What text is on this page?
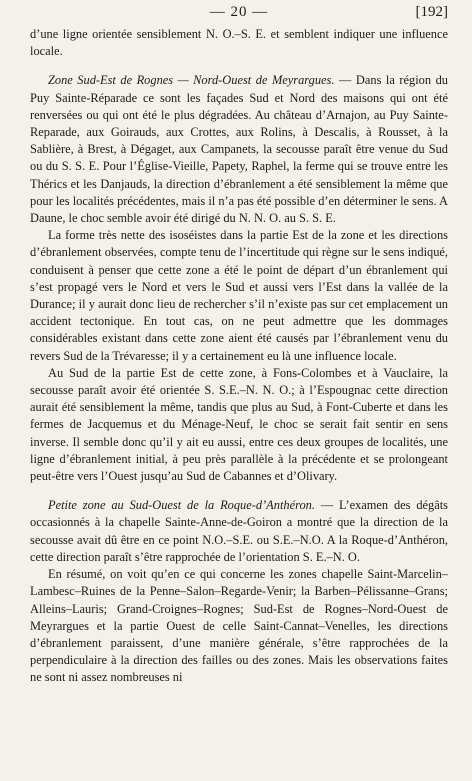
— 20 —	[192]

d’une ligne orientée sensiblement N. O.–S. E. et semblent indiquer une influence locale.

Zone Sud-Est de Rognes — Nord-Ouest de Meyrargues. — Dans la région du Puy Sainte-Réparade ce sont les façades Sud et Nord des maisons qui ont été renversées ou qui ont été le plus dégradées. Au château d’Arnajon, au Puy Sainte-Reparade, aux Goirauds, aux Crottes, aux Rolins, à Descalis, à Rousset, à la Sablière, à Brest, à Dégaget, aux Campanets, la secousse paraît être venue du Sud ou du S. S. E. Pour l’Église-Vieille, Papety, Raphel, la ferme qui se trouve entre les Thérics et les Danjauds, la direction d’ébranlement a été sensiblement la même que pour les localités précédentes, mais il n’a pas été possible d’en déterminer le sens. A Daune, le choc semble avoir été dirigé du N. N. O. au S. S. E.

La forme très nette des isoséistes dans la partie Est de la zone et les directions d’ébranlement observées, compte tenu de l’incertitude qui règne sur le sens indiqué, conduisent à penser que cette zone a été le point de départ d’un ébranlement qui s’est propagé vers le Nord et vers le Sud et aussi vers l’Est dans la vallée de la Durance; il y aurait donc lieu de rechercher s’il n’existe pas sur cet emplacement un accident tectonique. En tout cas, on ne peut admettre que les dommages considérables existant dans cette zone aient été causés par l’ébranlement venu du revers Sud de la Trévaresse; il y a certainement eu là une influence locale.

Au Sud de la partie Est de cette zone, à Fons-Colombes et à Vauclaire, la secousse paraît avoir été orientée S. S.E.–N. N. O.; à l’Espougnac cette direction aurait été sensiblement la même, tandis que plus au Sud, à Font-Cuberte et dans les fermes de Jacquemus et du Ménage-Neuf, le choc se serait fait sentir en sens inverse. Il semble donc qu’il y ait eu aussi, entre ces deux groupes de localités, une ligne d’ébranlement initial, à peu près parallèle à la précédente et se prolongeant peut-être vers l’Ouest jusqu’au Sud de Cabannes et d’Olivary.

Petite zone au Sud-Ouest de la Roque-d’Anthéron. — L’examen des dégâts occasionnés à la chapelle Sainte-Anne-de-Goiron a montré que la direction de la secousse avait dû être en ce point N.O.–S.E. ou S.E.–N.O. A la Roque-d’Anthéron, cette direction paraît s’être rapprochée de l’orientation S. E.–N. O.

En résumé, on voit qu’en ce qui concerne les zones chapelle Saint-Marcelin–Lambesc–Ruines de la Penne–Salon–Regarde-Venir; la Barben–Pélissanne–Grans; Alleins–Lauris; Grand-Croignes–Rognes; Sud-Est de Rognes–Nord-Ouest de Meyrargues et la partie Ouest de celle Saint-Cannat–Venelles, les directions d’ébranlement paraissent, d’une manière générale, s’être rapprochées de la perpendiculaire à la direction des failles ou des zones. Mais les observations faites ne sont ni assez nombreuses ni
